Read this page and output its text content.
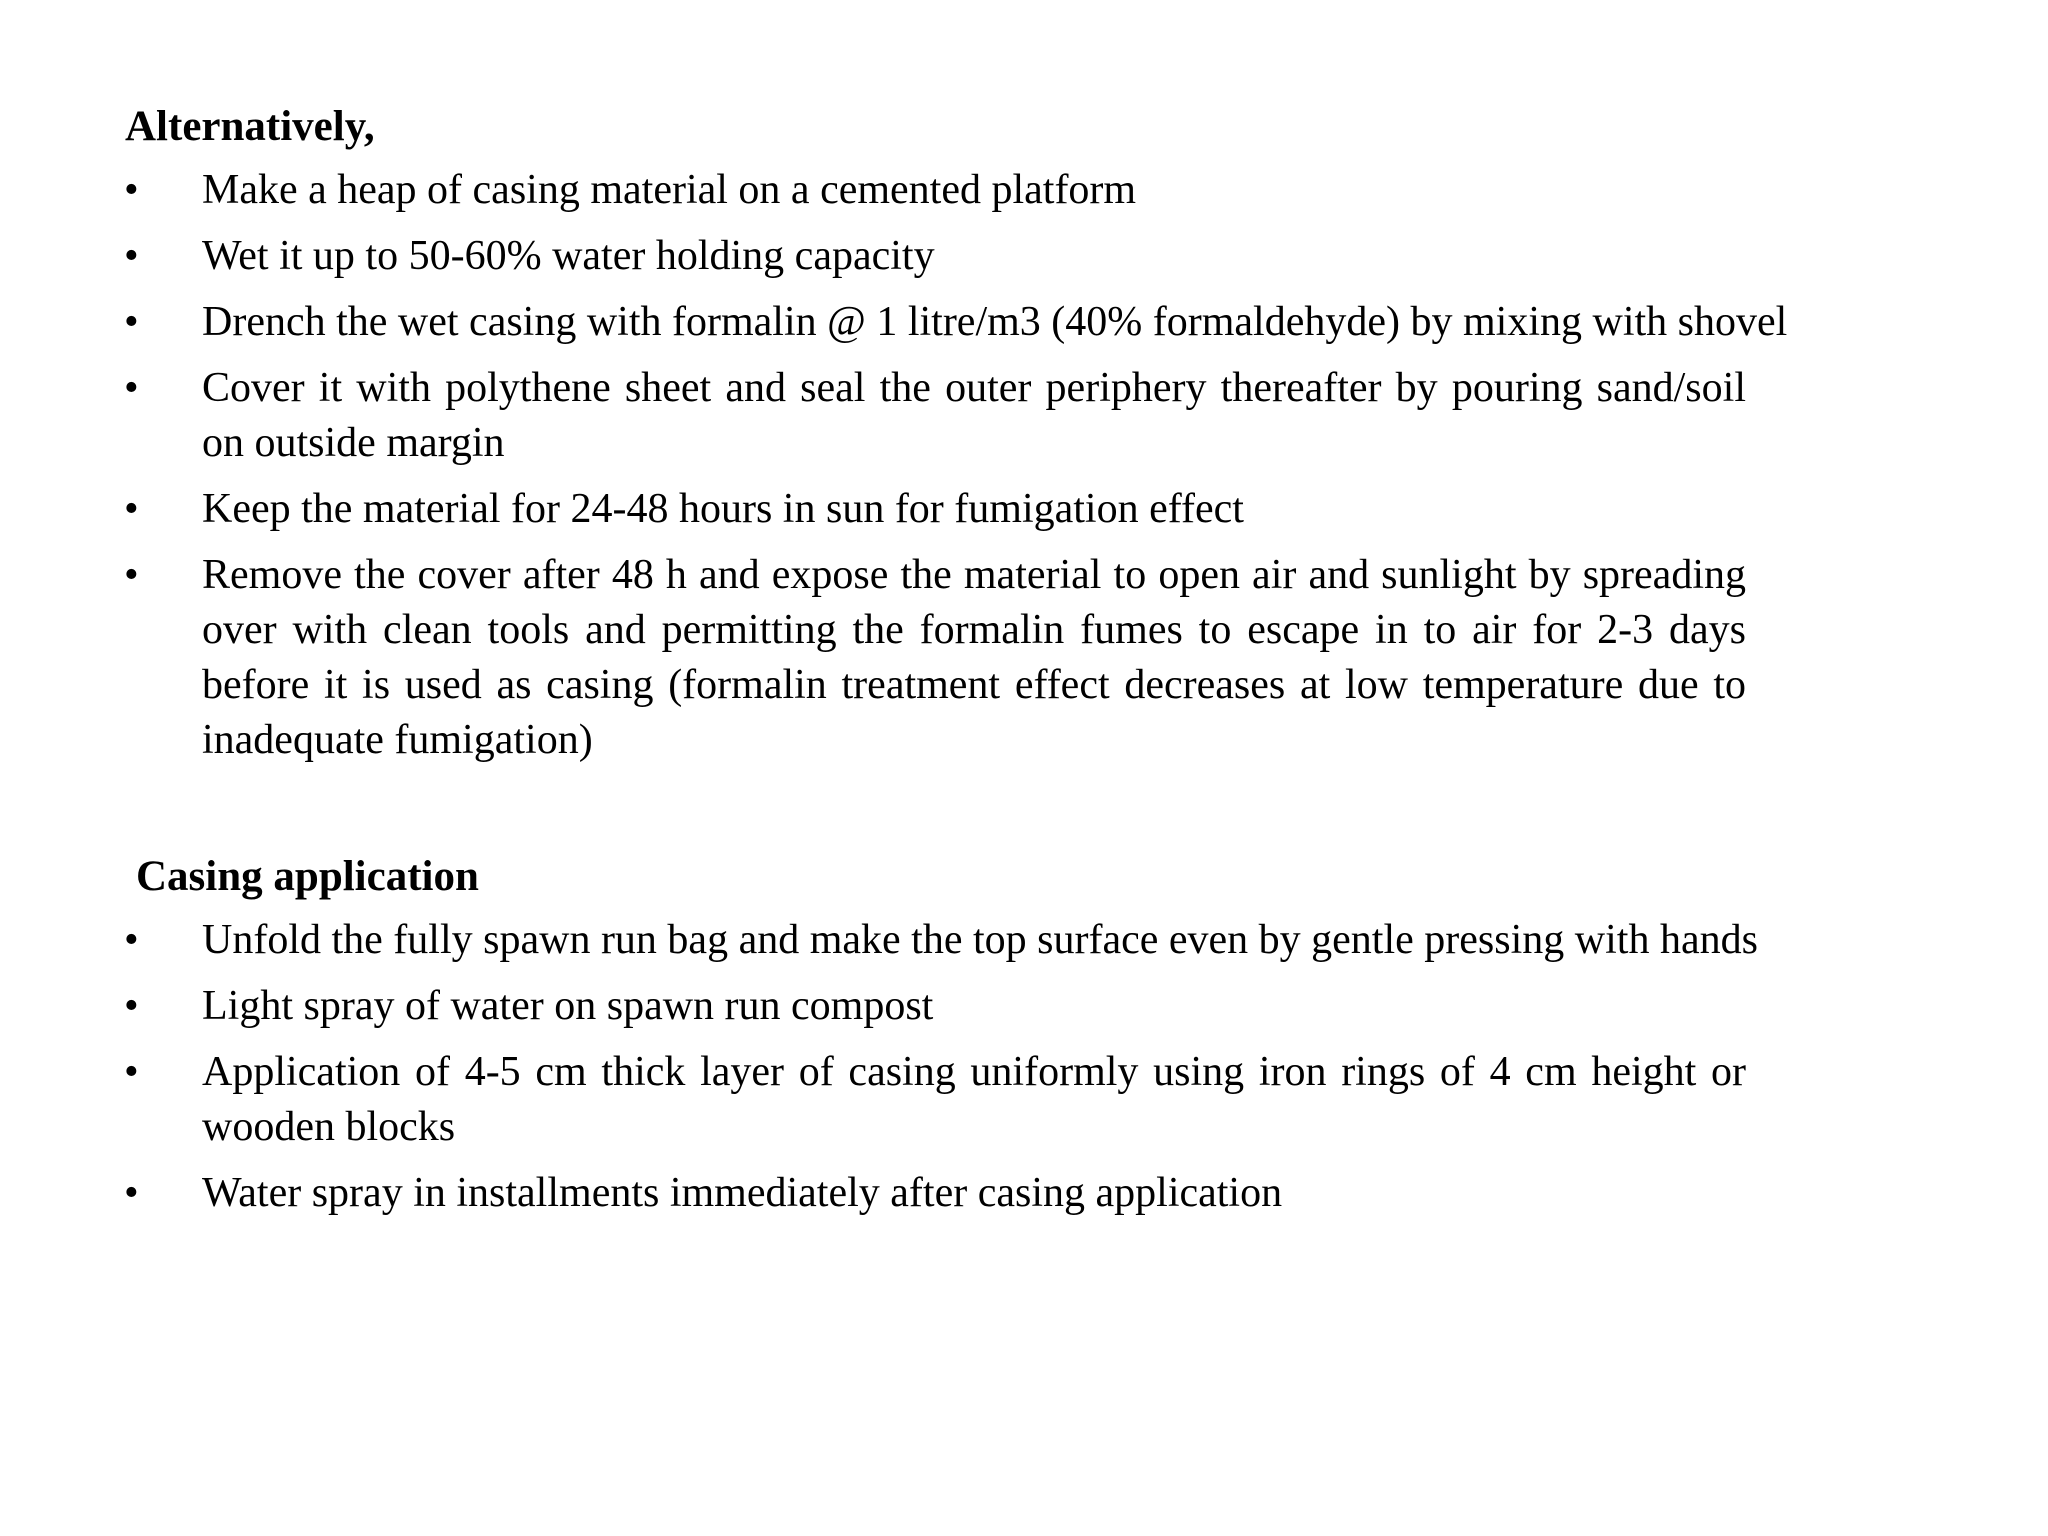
Alternatively,
• Make a heap of casing material on a cemented platform
• Wet it up to 50-60% water holding capacity
• Drench the wet casing with formalin @ 1 litre/m3 (40% formaldehyde) by mixing with shovel
• Cover it with polythene sheet and seal the outer periphery thereafter by pouring sand/soil on outside margin
• Keep the material for 24-48 hours in sun for fumigation effect
• Remove the cover after 48 h and expose the material to open air and sunlight by spreading over with clean tools and permitting the formalin fumes to escape in to air for 2-3 days before it is used as casing (formalin treatment effect decreases at low temperature due to inadequate fumigation)
Casing application
• Unfold the fully spawn run bag and make the top surface even by gentle pressing with hands
• Light spray of water on spawn run compost
• Application of 4-5 cm thick layer of casing uniformly using iron rings of 4 cm height or wooden blocks
• Water spray in installments immediately after casing application
